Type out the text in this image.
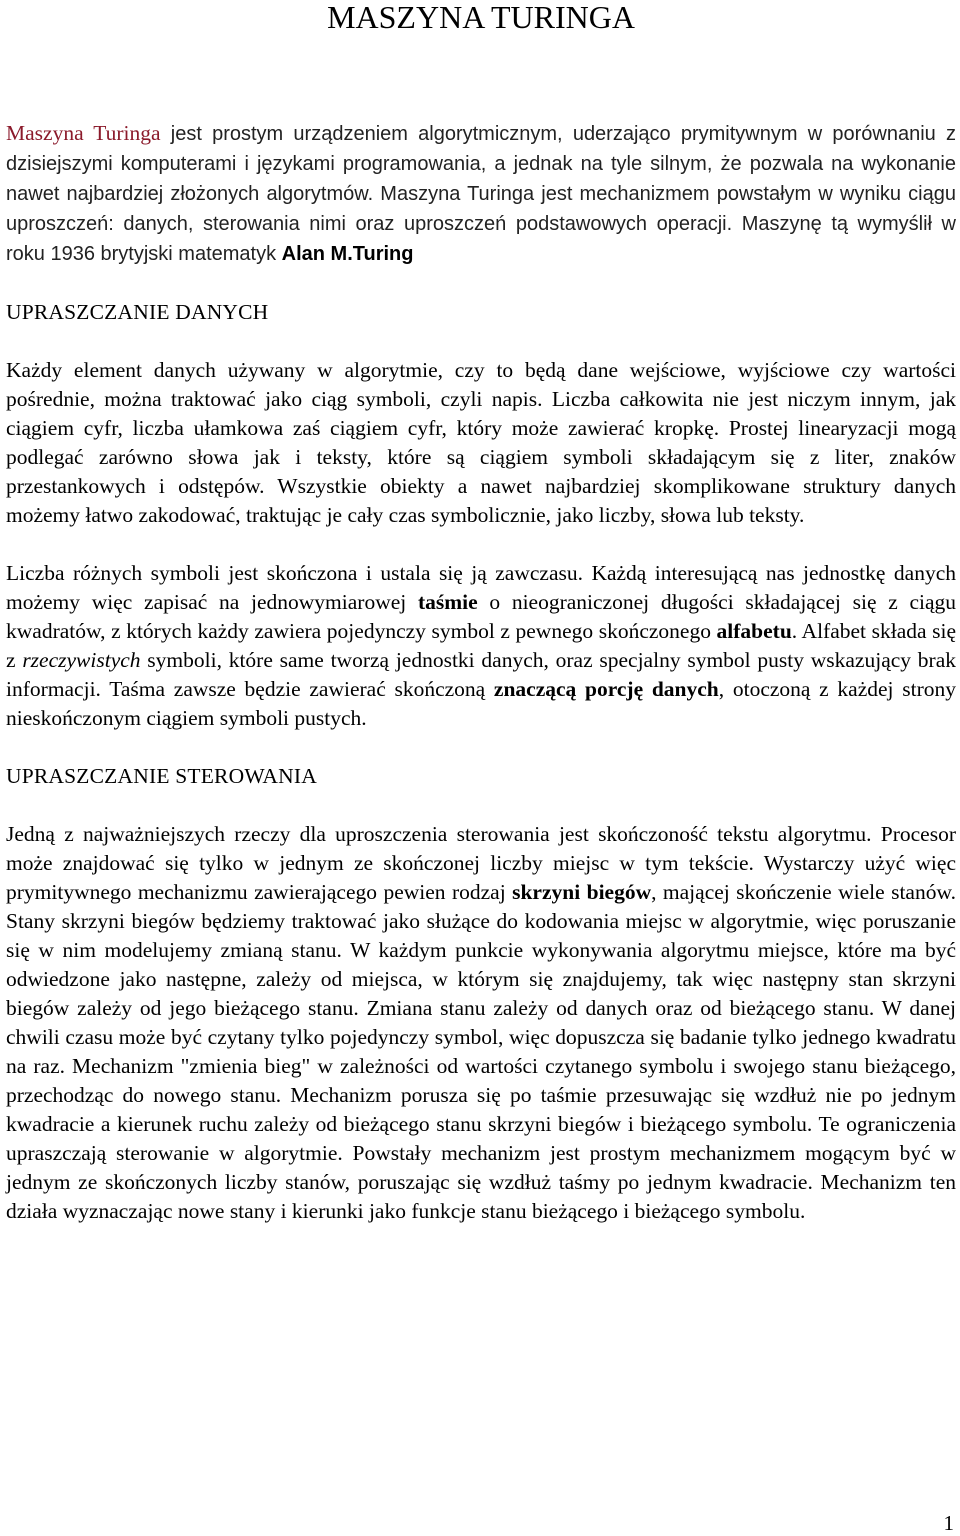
MASZYNA TURINGA

Maszyna Turinga jest prostym urządzeniem algorytmicznym, uderzająco prymitywnym w porównaniu z dzisiejszymi komputerami i językami programowania, a jednak na tyle silnym, że pozwala na wykonanie nawet najbardziej złożonych algorytmów. Maszyna Turinga jest mechanizmem powstałym w wyniku ciągu uproszczeń: danych, sterowania nimi oraz uproszczeń podstawowych operacji. Maszynę tą wymyślił w roku 1936 brytyjski matematyk Alan M.Turing

UPRASZCZANIE DANYCH

Każdy element danych używany w algorytmie, czy to będą dane wejściowe, wyjściowe czy wartości pośrednie, można traktować jako ciąg symboli, czyli napis. Liczba całkowita nie jest niczym innym, jak ciągiem cyfr, liczba ułamkowa zaś ciągiem cyfr, który może zawierać kropkę. Prostej linearyzacji mogą podlegać zarówno słowa jak i teksty, które są ciągiem symboli składającym się z liter, znaków przestankowych i odstępów. Wszystkie obiekty a nawet najbardziej skomplikowane struktury danych możemy łatwo zakodować, traktując je cały czas symbolicznie, jako liczby, słowa lub teksty.

Liczba różnych symboli jest skończona i ustala się ją zawczasu. Każdą interesującą nas jednostkę danych możemy więc zapisać na jednowymiarowej taśmie o nieograniczonej długości składającej się z ciągu kwadratów, z których każdy zawiera pojedynczy symbol z pewnego skończonego alfabetu. Alfabet składa się z rzeczywistych symboli, które same tworzą jednostki danych, oraz specjalny symbol pusty wskazujący brak informacji. Taśma zawsze będzie zawierać skończoną znaczącą porcję danych, otoczoną z każdej strony nieskończonym ciągiem symboli pustych.

UPRASZCZANIE STEROWANIA

Jedną z najważniejszych rzeczy dla uproszczenia sterowania jest skończoność tekstu algorytmu. Procesor może znajdować się tylko w jednym ze skończonej liczby miejsc w tym tekście. Wystarczy użyć więc prymitywnego mechanizmu zawierającego pewien rodzaj skrzyni biegów, mającej skończenie wiele stanów. Stany skrzyni biegów będziemy traktować jako służące do kodowania miejsc w algorytmie, więc poruszanie się w nim modelujemy zmianą stanu. W każdym punkcie wykonywania algorytmu miejsce, które ma być odwiedzone jako następne, zależy od miejsca, w którym się znajdujemy, tak więc następny stan skrzyni biegów zależy od jego bieżącego stanu. Zmiana stanu zależy od danych oraz od bieżącego stanu. W danej chwili czasu może być czytany tylko pojedynczy symbol, więc dopuszcza się badanie tylko jednego kwadratu na raz. Mechanizm "zmienia bieg" w zależności od wartości czytanego symbolu i swojego stanu bieżącego, przechodząc do nowego stanu. Mechanizm porusza się po taśmie przesuwając się wzdłuż nie po jednym kwadracie a kierunek ruchu zależy od bieżącego stanu skrzyni biegów i bieżącego symbolu. Te ograniczenia upraszczają sterowanie w algorytmie. Powstały mechanizm jest prostym mechanizmem mogącym być w jednym ze skończonych liczby stanów, poruszając się wzdłuż taśmy po jednym kwadracie. Mechanizm ten działa wyznaczając nowe stany i kierunki jako funkcje stanu bieżącego i bieżącego symbolu.

1
